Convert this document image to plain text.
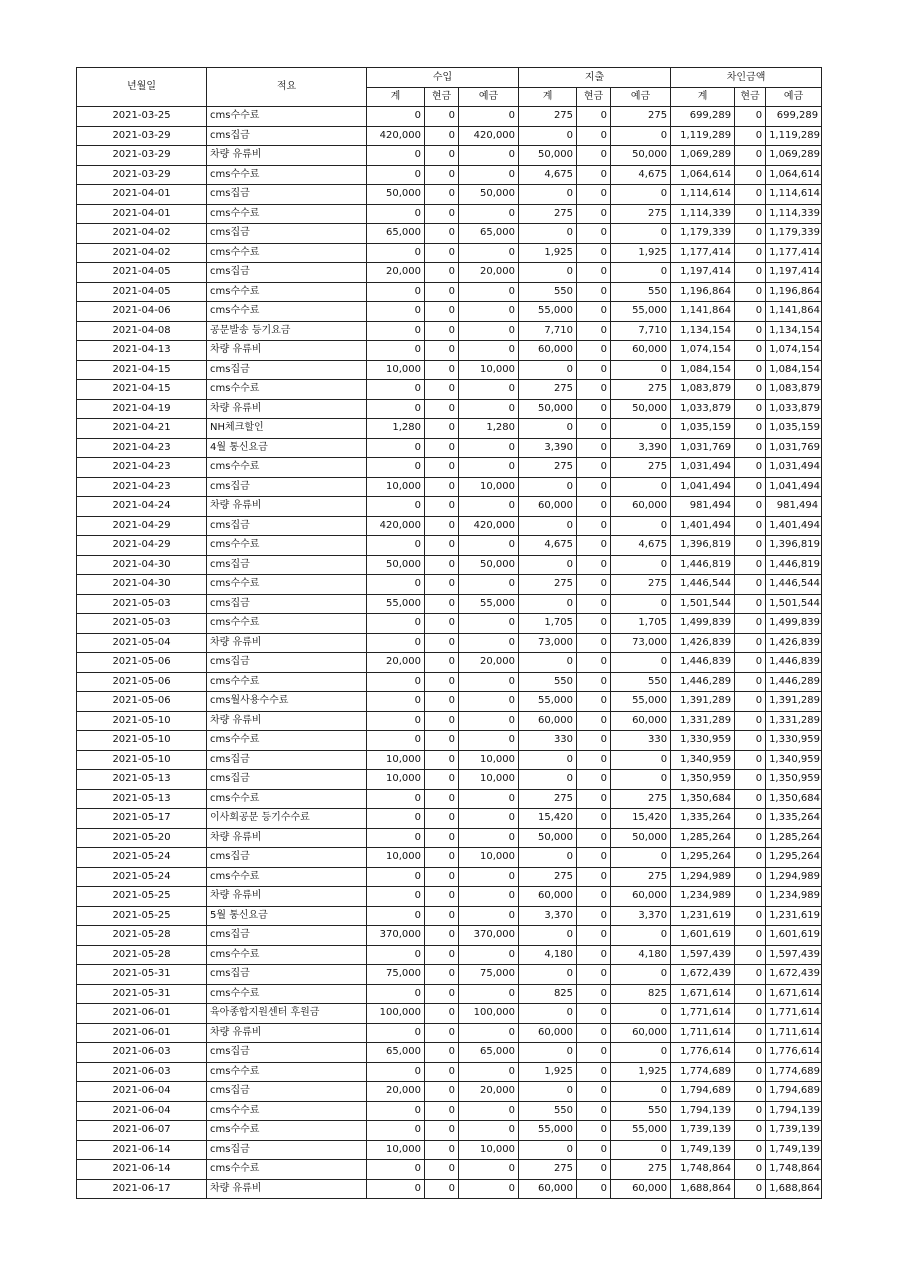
년월일	적요	수입			지출			차인금액		
		계	현금	예금	계	현금	예금	계	현금	예금
2021-03-25	cms수수료	0	0	0	275	0	275	699,289	0	699,289
2021-03-29	cms집금	420,000	0	420,000	0	0	0	1,119,289	0	1,119,289
2021-03-29	차량 유류비	0	0	0	50,000	0	50,000	1,069,289	0	1,069,289
2021-03-29	cms수수료	0	0	0	4,675	0	4,675	1,064,614	0	1,064,614
2021-04-01	cms집금	50,000	0	50,000	0	0	0	1,114,614	0	1,114,614
2021-04-01	cms수수료	0	0	0	275	0	275	1,114,339	0	1,114,339
2021-04-02	cms집금	65,000	0	65,000	0	0	0	1,179,339	0	1,179,339
2021-04-02	cms수수료	0	0	0	1,925	0	1,925	1,177,414	0	1,177,414
2021-04-05	cms집금	20,000	0	20,000	0	0	0	1,197,414	0	1,197,414
2021-04-05	cms수수료	0	0	0	550	0	550	1,196,864	0	1,196,864
2021-04-06	cms수수료	0	0	0	55,000	0	55,000	1,141,864	0	1,141,864
2021-04-08	공문발송 등기요금	0	0	0	7,710	0	7,710	1,134,154	0	1,134,154
2021-04-13	차량 유류비	0	0	0	60,000	0	60,000	1,074,154	0	1,074,154
2021-04-15	cms집금	10,000	0	10,000	0	0	0	1,084,154	0	1,084,154
2021-04-15	cms수수료	0	0	0	275	0	275	1,083,879	0	1,083,879
2021-04-19	차량 유류비	0	0	0	50,000	0	50,000	1,033,879	0	1,033,879
2021-04-21	NH체크할인	1,280	0	1,280	0	0	0	1,035,159	0	1,035,159
2021-04-23	4월 통신요금	0	0	0	3,390	0	3,390	1,031,769	0	1,031,769
2021-04-23	cms수수료	0	0	0	275	0	275	1,031,494	0	1,031,494
2021-04-23	cms집금	10,000	0	10,000	0	0	0	1,041,494	0	1,041,494
2021-04-24	차량 유류비	0	0	0	60,000	0	60,000	981,494	0	981,494
2021-04-29	cms집금	420,000	0	420,000	0	0	0	1,401,494	0	1,401,494
2021-04-29	cms수수료	0	0	0	4,675	0	4,675	1,396,819	0	1,396,819
2021-04-30	cms집금	50,000	0	50,000	0	0	0	1,446,819	0	1,446,819
2021-04-30	cms수수료	0	0	0	275	0	275	1,446,544	0	1,446,544
2021-05-03	cms집금	55,000	0	55,000	0	0	0	1,501,544	0	1,501,544
2021-05-03	cms수수료	0	0	0	1,705	0	1,705	1,499,839	0	1,499,839
2021-05-04	차량 유류비	0	0	0	73,000	0	73,000	1,426,839	0	1,426,839
2021-05-06	cms집금	20,000	0	20,000	0	0	0	1,446,839	0	1,446,839
2021-05-06	cms수수료	0	0	0	550	0	550	1,446,289	0	1,446,289
2021-05-06	cms월사용수수료	0	0	0	55,000	0	55,000	1,391,289	0	1,391,289
2021-05-10	차량 유류비	0	0	0	60,000	0	60,000	1,331,289	0	1,331,289
2021-05-10	cms수수료	0	0	0	330	0	330	1,330,959	0	1,330,959
2021-05-10	cms집금	10,000	0	10,000	0	0	0	1,340,959	0	1,340,959
2021-05-13	cms집금	10,000	0	10,000	0	0	0	1,350,959	0	1,350,959
2021-05-13	cms수수료	0	0	0	275	0	275	1,350,684	0	1,350,684
2021-05-17	이사회공문 등기수수료	0	0	0	15,420	0	15,420	1,335,264	0	1,335,264
2021-05-20	차량 유류비	0	0	0	50,000	0	50,000	1,285,264	0	1,285,264
2021-05-24	cms집금	10,000	0	10,000	0	0	0	1,295,264	0	1,295,264
2021-05-24	cms수수료	0	0	0	275	0	275	1,294,989	0	1,294,989
2021-05-25	차량 유류비	0	0	0	60,000	0	60,000	1,234,989	0	1,234,989
2021-05-25	5월 통신요금	0	0	0	3,370	0	3,370	1,231,619	0	1,231,619
2021-05-28	cms집금	370,000	0	370,000	0	0	0	1,601,619	0	1,601,619
2021-05-28	cms수수료	0	0	0	4,180	0	4,180	1,597,439	0	1,597,439
2021-05-31	cms집금	75,000	0	75,000	0	0	0	1,672,439	0	1,672,439
2021-05-31	cms수수료	0	0	0	825	0	825	1,671,614	0	1,671,614
2021-06-01	육아종합지원센터 후원금	100,000	0	100,000	0	0	0	1,771,614	0	1,771,614
2021-06-01	차량 유류비	0	0	0	60,000	0	60,000	1,711,614	0	1,711,614
2021-06-03	cms집금	65,000	0	65,000	0	0	0	1,776,614	0	1,776,614
2021-06-03	cms수수료	0	0	0	1,925	0	1,925	1,774,689	0	1,774,689
2021-06-04	cms집금	20,000	0	20,000	0	0	0	1,794,689	0	1,794,689
2021-06-04	cms수수료	0	0	0	550	0	550	1,794,139	0	1,794,139
2021-06-07	cms수수료	0	0	0	55,000	0	55,000	1,739,139	0	1,739,139
2021-06-14	cms집금	10,000	0	10,000	0	0	0	1,749,139	0	1,749,139
2021-06-14	cms수수료	0	0	0	275	0	275	1,748,864	0	1,748,864
2021-06-17	차량 유류비	0	0	0	60,000	0	60,000	1,688,864	0	1,688,864
